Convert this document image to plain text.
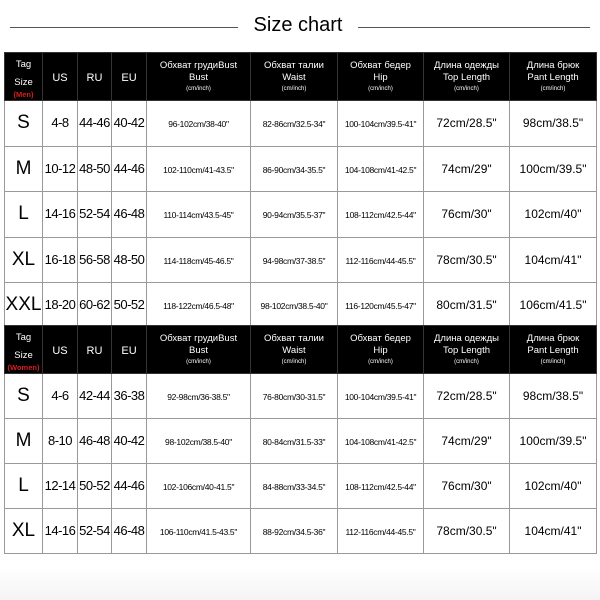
Size chart
Tag
Size
(Men)	US	RU	EU	Обхват грудиBust
Bust
(cm/inch)	Обхват талии
Waist
(cm/inch)	Обхват бедер
Hip
(cm/inch)	Длина одежды
Top Length
(cm/inch)	Длина брюк
Pant Length
(cm/inch)

S	4-8	44-46	40-42	96-102cm/38-40"	82-86cm/32.5-34"	100-104cm/39.5-41"	72cm/28.5"	98cm/38.5"
M	10-12	48-50	44-46	102-110cm/41-43.5"	86-90cm/34-35.5"	104-108cm/41-42.5"	74cm/29"	100cm/39.5"
L	14-16	52-54	46-48	110-114cm/43.5-45"	90-94cm/35.5-37"	108-112cm/42.5-44"	76cm/30"	102cm/40"
XL	16-18	56-58	48-50	114-118cm/45-46.5"	94-98cm/37-38.5"	112-116cm/44-45.5"	78cm/30.5"	104cm/41"
XXL	18-20	60-62	50-52	118-122cm/46.5-48"	98-102cm/38.5-40"	116-120cm/45.5-47"	80cm/31.5"	106cm/41.5"
Tag
Size
(Women)	US	RU	EU	Обхват грудиBust
Bust
(cm/inch)	Обхват талии
Waist
(cm/inch)	Обхват бедер
Hip
(cm/inch)	Длина одежды
Top Length
(cm/inch)	Длина брюк
Pant Length
(cm/inch)

S	4-6	42-44	36-38	92-98cm/36-38.5"	76-80cm/30-31.5"	100-104cm/39.5-41"	72cm/28.5"	98cm/38.5"
M	8-10	46-48	40-42	98-102cm/38.5-40"	80-84cm/31.5-33"	104-108cm/41-42.5"	74cm/29"	100cm/39.5"
L	12-14	50-52	44-46	102-106cm/40-41.5"	84-88cm/33-34.5"	108-112cm/42.5-44"	76cm/30"	102cm/40"
XL	14-16	52-54	46-48	106-110cm/41.5-43.5"	88-92cm/34.5-36"	112-116cm/44-45.5"	78cm/30.5"	104cm/41"
